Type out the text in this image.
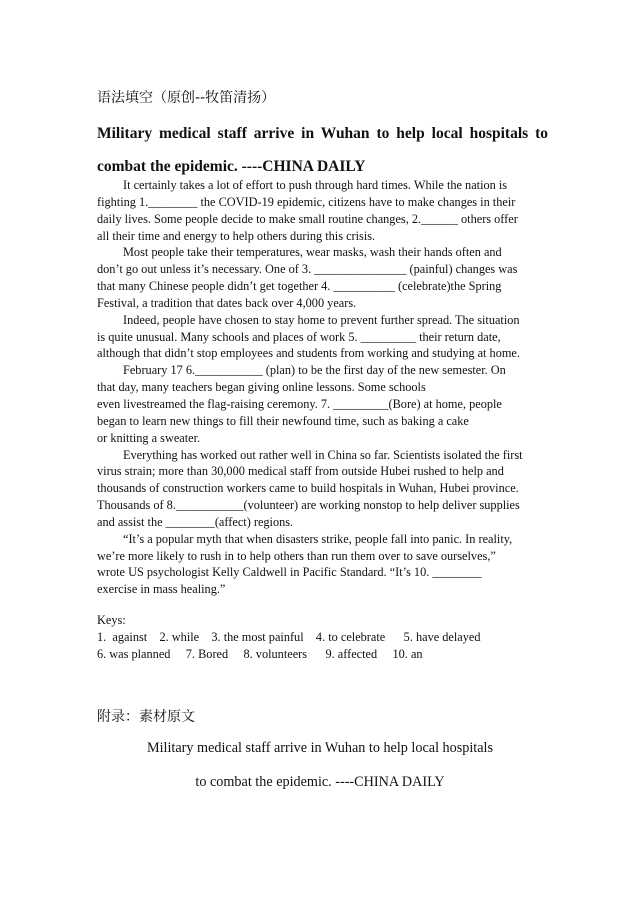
语法填空（原创--牧笛清扬）
Military medical staff arrive in Wuhan to help local hospitals to combat the epidemic. ----CHINA DAILY

It certainly takes a lot of effort to push through hard times. While the nation is
fighting 1.________ the COVID-19 epidemic, citizens have to make changes in their
daily lives. Some people decide to make small routine changes, 2.______ others offer
all their time and energy to help others during this crisis.

Most people take their temperatures, wear masks, wash their hands often and
don’t go out unless it’s necessary. One of 3. _______________ (painful) changes was
that many Chinese people didn’t get together 4. __________ (celebrate)the Spring
Festival, a tradition that dates back over 4,000 years.

Indeed, people have chosen to stay home to prevent further spread. The situation
is quite unusual. Many schools and places of work 5. _________ their return date,
although that didn’t stop employees and students from working and studying at home.

February 17 6.___________ (plan) to be the first day of the new semester. On
that day, many teachers began giving online lessons. Some schools
even livestreamed the flag-raising ceremony. 7. _________(Bore) at home, people
began to learn new things to fill their newfound time, such as baking a cake
or knitting a sweater.

Everything has worked out rather well in China so far. Scientists isolated the first
virus strain; more than 30,000 medical staff from outside Hubei rushed to help and
thousands of construction workers came to build hospitals in Wuhan, Hubei province.
Thousands of 8.___________(volunteer) are working nonstop to help deliver supplies
and assist the ________(affect) regions.

“It’s a popular myth that when disasters strike, people fall into panic. In reality,
we’re more likely to rush in to help others than run them over to save ourselves,”
wrote US psychologist Kelly Caldwell in Pacific Standard. “It’s 10. ________
exercise in mass healing.”

Keys:
1.  against    2. while    3. the most painful    4. to celebrate      5. have delayed
6. was planned     7. Bored     8. volunteers      9. affected     10. an
附录：素材原文
Military medical staff arrive in Wuhan to help local hospitals
to combat the epidemic. ----CHINA DAILY
